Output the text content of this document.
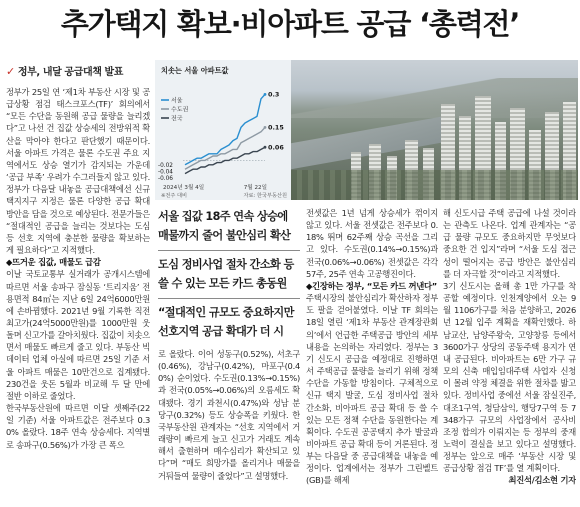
추가택지 확보·비아파트 공급 ‘총력전’
✓ 정부, 내달 공급대책 발표

정부가 25일 연 ‘제1차 부동산 시장 및 공급상황 점검 태스크포스(TF)’ 회의에서 “모든 수단을 동원해 공급 물량을 늘리겠다”고 나선 건 집값 상승세의 전방위적 확산을 막아야 한다고 판단했기 때문이다. 서울 아파트 가격은 물론 수도권 주요 지역에서도 상승 열기가 감지되는 가운데 ‘공급 부족’ 우려가 수그러들지 않고 있다. 정부가 다음달 내놓을 공급대책에선 신규 택지지구 지정은 물론 다양한 공급 확대 방안을 담을 것으로 예상된다. 전문가들은 “절대적인 공급을 늘리는 것보다는 도심 등 선호 지역에 충분한 물량을 확보하는 게 필요하다”고 지적했다.

◆뜨거운 집값, 매물도 급감

이날 국토교통부 실거래가 공개시스템에 따르면 서울 송파구 잠실동 ‘트리지움’ 전용면적 84㎡는 지난 6일 24억6000만원에 손바뀜했다. 2021년 9월 기록한 직전 최고가(24억5000만원)를 1000만원 웃돌며 신고가를 갈아치웠다. 집값이 치솟으면서 매물도 빠르게 줄고 있다. 부동산 빅데이터 업체 아실에 따르면 25일 기준 서울 아파트 매물은 10만건으로 집계됐다. 230건을 웃돈 5월과 비교해 두 달 만에 절반 이하로 줄었다.

한국부동산원에 따르면 이달 셋째주(22일 기준) 서울 아파트값은 전주보다 0.30% 올랐다. 18주 연속 상승세다. 지역별로 송파구(0.56%)가 가장 큰 폭으

치솟는 서울 아파트값
서울
수도권
전국
2024년 3월 4일	7월 22일
※전주 대비	자료: 한국부동산원
0.3
-0.02
0.15
-0.04
0.06
-0.06
서울 집값 18주 연속 상승에 매물까지 줄어 불안심리 확산
도심 정비사업 절차 간소화 등 쓸 수 있는 모든 카드 총동원
“절대적인 규모도 중요하지만 선호지역 공급 확대가 더 시

로 올랐다. 이어 성동구(0.52%), 서초구(0.46%), 강남구(0.42%), 마포구(0.40%) 순이었다. 수도권(0.13%→0.15%)과 전국(0.05%→0.06%)의 오름세도 확대됐다. 경기 과천시(0.47%)와 성남 분당구(0.32%) 등도 상승폭을 키웠다. 한국부동산원 관계자는 “선호 지역에서 거래량이 빠르게 늘고 신고가 거래도 계속해서 출현하며 매수심리가 확산되고 있다”며 “매도 희망가를 올리거나 매물을 거둬들여 물량이 줄었다”고 설명했다.

전셋값은 1년 넘게 상승세가 꺾이지 않고 있다. 서울 전셋값은 전주보다 0.18% 뛰며 62주째 상승 곡선을 그리고 있다. 수도권(0.14%→0.15%)과 전국(0.06%→0.06%) 전셋값은 각각 57주, 25주 연속 고공행진이다.

◆긴장하는 정부, “모든 카드 꺼낸다”

주택시장의 불안심리가 확산하자 정부도 팔을 걷어붙였다. 이날 TF 회의는 18일 열린 ‘제1차 부동산 관계장관회의’에서 언급한 주택공급 방안의 세부 내용을 논의하는 자리였다. 정부는 3기 신도시 공급을 예정대로 진행하면서 주택공급 물량을 늘리기 위해 정책 수단을 가동할 방침이다. 구체적으로 신규 택지 발굴, 도심 정비사업 절차 간소화, 비아파트 공급 확대 등 쓸 수 있는 모든 정책 수단을 동원한다는 계획이다. 수도권 공공택지 추가 발굴과 비아파트 공급 확대 등이 거론된다. 정부는 다음달 중 공급대책을 내놓을 예정이다. 업계에서는 정부가 그린벨트(GB)를 해제

해 신도시급 주택 공급에 나설 것이라는 관측도 나온다. 업계 관계자는 “공급 물량 규모도 중요하지만 무엇보다 중요한 건 입지”라며 “서울 도심 접근성이 떨어지는 공급 방안은 불안심리를 더 자극할 것”이라고 지적했다.

3기 신도시는 올해 총 1만 가구를 착공할 예정이다. 인천계양에서 오는 9월 1106가구를 처음 분양하고, 2026년 12월 입주 계획을 재확인했다. 하남교산, 남양주왕숙, 고양창릉 등에서 3600가구 상당의 공동주택 용지가 연내 공급된다. 비아파트는 6만 가구 규모의 신축 매입임대주택 사업자 신청이 몰려 약정 체결을 위한 절차를 밟고 있다. 정비사업 중에선 서울 잠실진주, 대조1구역, 청담삼익, 행당7구역 등 7348가구 규모의 사업장에서 공사비 조정 합의가 이뤄지는 등 정부의 중재 노력이 결실을 보고 있다고 설명했다. 정부는 앞으로 매주 ‘부동산 시장 및 공급상황 점검 TF’를 열 계획이다.

최진석/김소현 기자
